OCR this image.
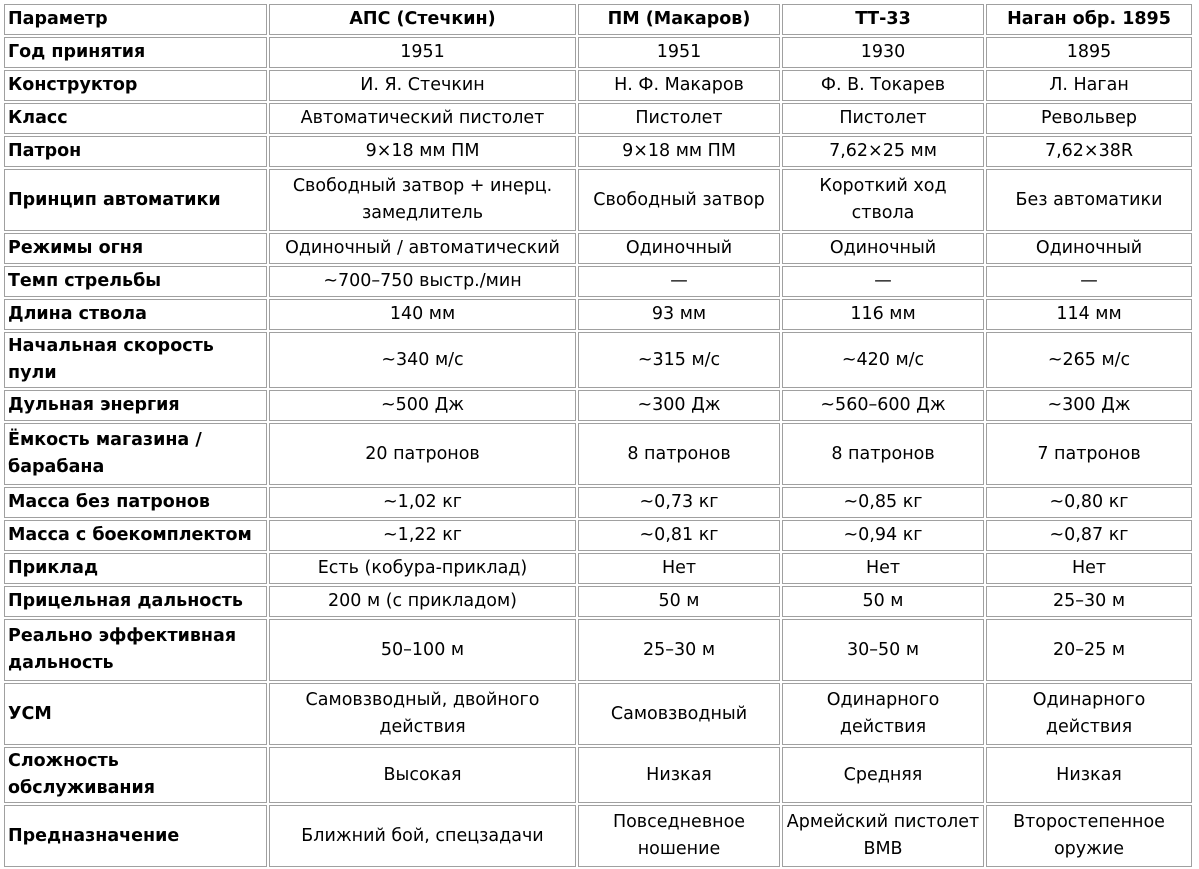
Параметр	АПС (Стечкин)	ПМ (Макаров)	ТТ-33	Наган обр. 1895
Год принятия	1951	1951	1930	1895
Конструктор	И. Я. Стечкин	Н. Ф. Макаров	Ф. В. Токарев	Л. Наган
Класс	Автоматический пистолет	Пистолет	Пистолет	Револьвер
Патрон	9×18 мм ПМ	9×18 мм ПМ	7,62×25 мм	7,62×38R
Принцип автоматики	Свободный затвор + инерц. замедлитель	Свободный затвор	Короткий ход ствола	Без автоматики
Режимы огня	Одиночный / автоматический	Одиночный	Одиночный	Одиночный
Темп стрельбы	~700–750 выстр./мин	—	—	—
Длина ствола	140 мм	93 мм	116 мм	114 мм
Начальная скорость пули	~340 м/с	~315 м/с	~420 м/с	~265 м/с
Дульная энергия	~500 Дж	~300 Дж	~560–600 Дж	~300 Дж
Ёмкость магазина / барабана	20 патронов	8 патронов	8 патронов	7 патронов
Масса без патронов	~1,02 кг	~0,73 кг	~0,85 кг	~0,80 кг
Масса с боекомплектом	~1,22 кг	~0,81 кг	~0,94 кг	~0,87 кг
Приклад	Есть (кобура-приклад)	Нет	Нет	Нет
Прицельная дальность	200 м (с прикладом)	50 м	50 м	25–30 м
Реально эффективная дальность	50–100 м	25–30 м	30–50 м	20–25 м
УСМ	Самовзводный, двойного действия	Самовзводный	Одинарного действия	Одинарного действия
Сложность обслуживания	Высокая	Низкая	Средняя	Низкая
Предназначение	Ближний бой, спецзадачи	Повседневное ношение	Армейский пистолет ВМВ	Второстепенное оружие
